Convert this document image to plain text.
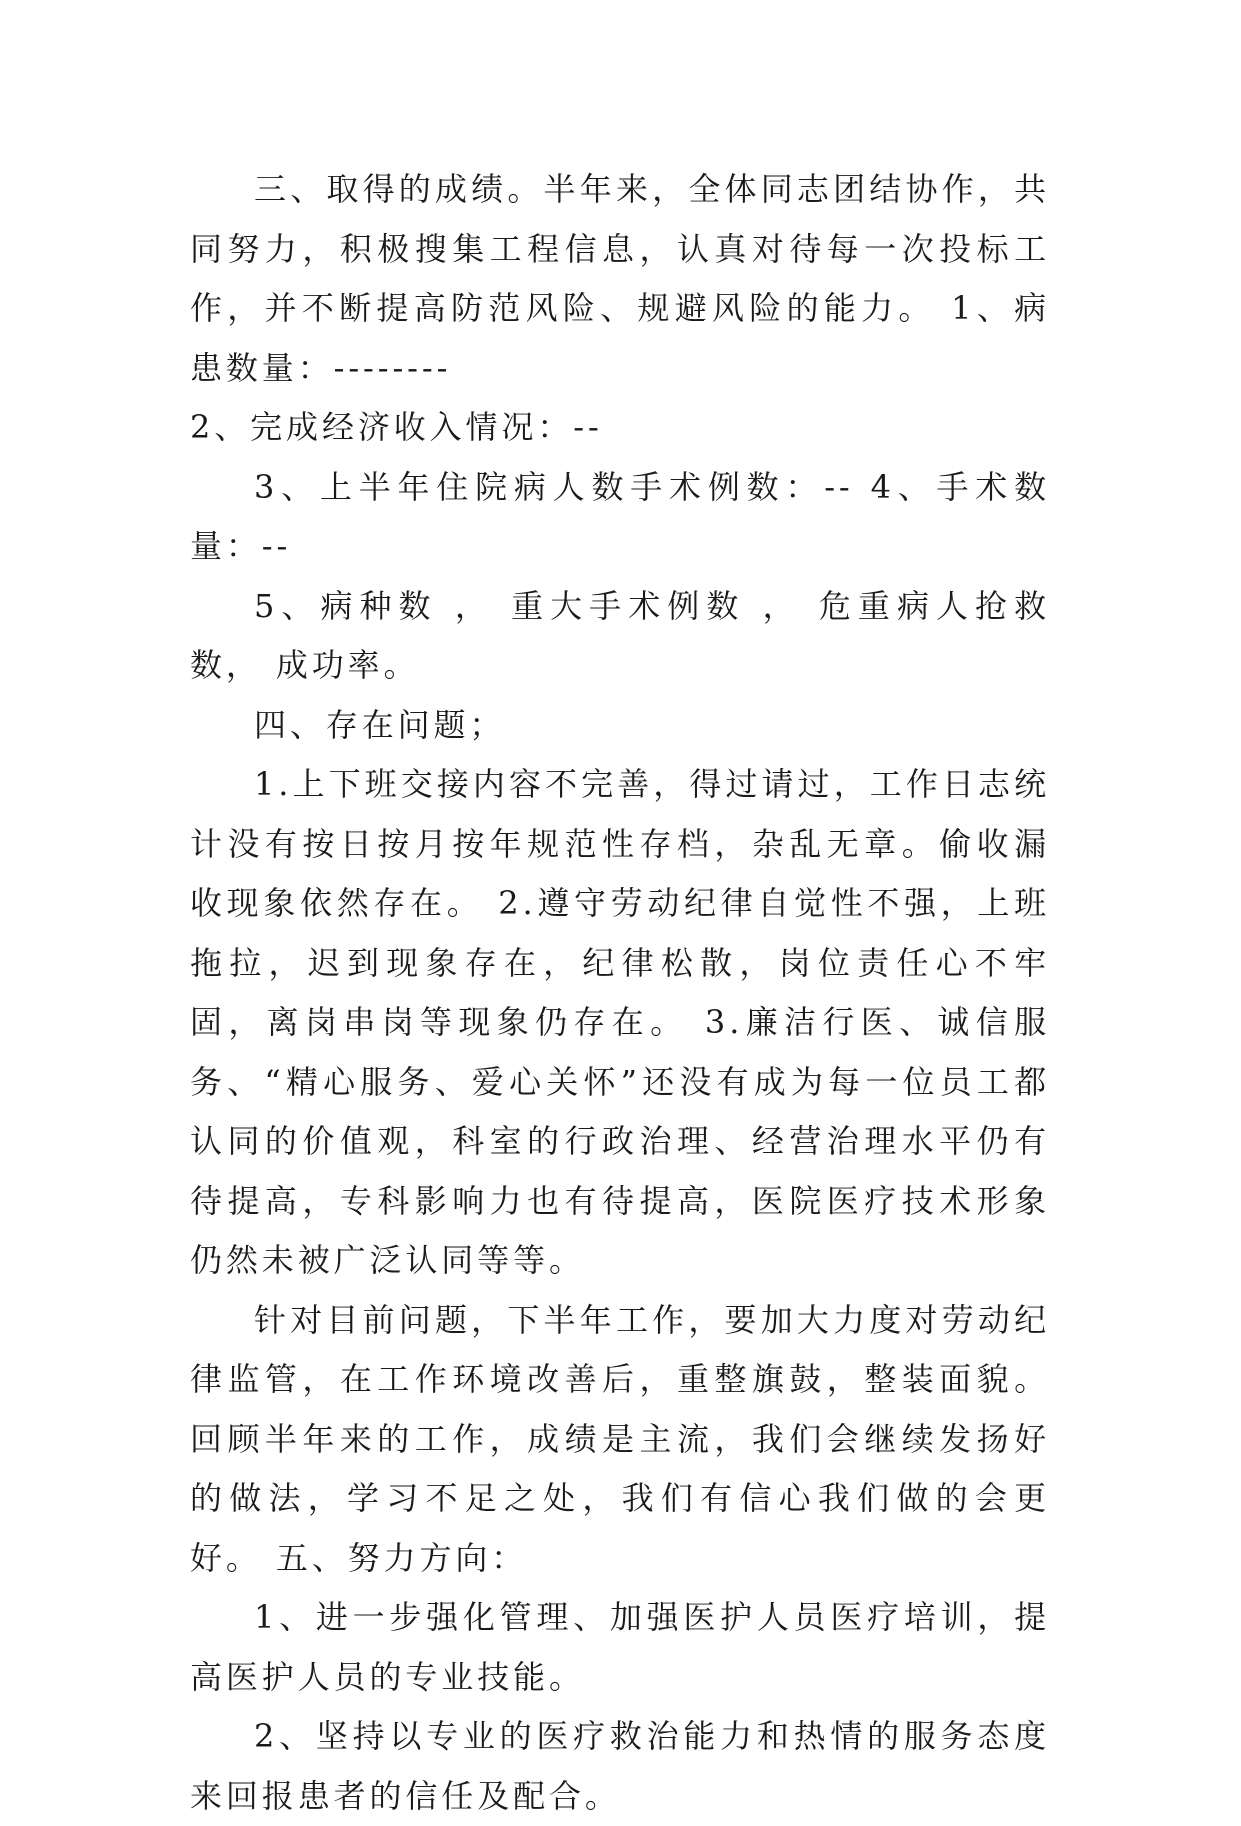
三、取得的成绩。半年来，全体同志团结协作，共同努力，积极搜集工程信息，认真对待每一次投标工作，并不断提高防范风险、规避风险的能力。 1、病患数量：--------

2、完成经济收入情况：--

3、上半年住院病人数手术例数：-- 4、手术数量：--

5、病种数 ， 重大手术例数 ， 危重病人抢救数， 成功率。

四、存在问题；

1.上下班交接内容不完善，得过请过，工作日志统计没有按日按月按年规范性存档，杂乱无章。偷收漏收现象依然存在。 2.遵守劳动纪律自觉性不强，上班拖拉，迟到现象存在，纪律松散，岗位责任心不牢固，离岗串岗等现象仍存在。 3.廉洁行医、诚信服务、“精心服务、爱心关怀”还没有成为每一位员工都认同的价值观，科室的行政治理、经营治理水平仍有待提高，专科影响力也有待提高，医院医疗技术形象仍然未被广泛认同等等。

针对目前问题，下半年工作，要加大力度对劳动纪律监管，在工作环境改善后，重整旗鼓，整装面貌。回顾半年来的工作，成绩是主流，我们会继续发扬好的做法，学习不足之处，我们有信心我们做的会更好。 五、努力方向：

1、进一步强化管理、加强医护人员医疗培训，提高医护人员的专业技能。

2、坚持以专业的医疗救治能力和热情的服务态度来回报患者的信任及配合。
